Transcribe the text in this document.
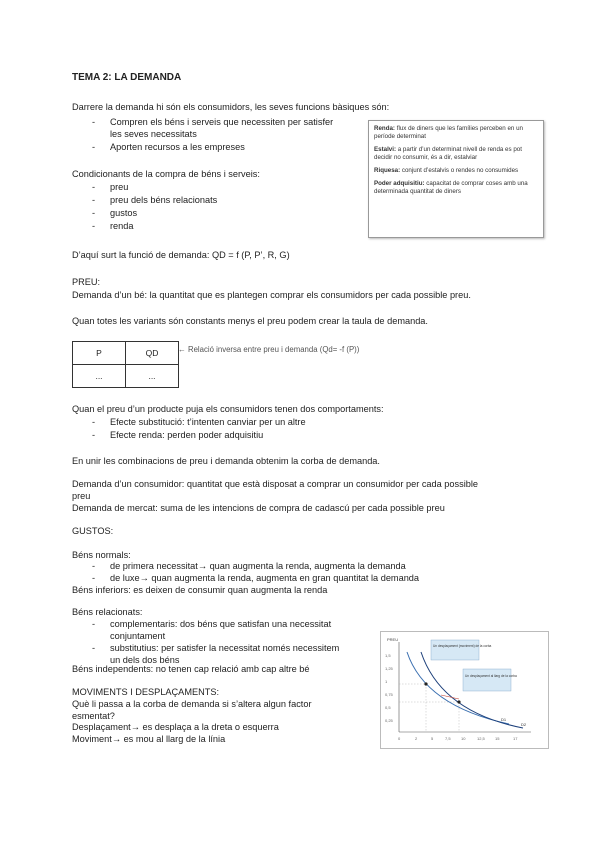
TEMA 2: LA DEMANDA
Darrere la demanda hi són els consumidors, les seves funcions bàsiques són:
- Compren els béns i serveis que necessiten per satisfer
les seves necessitats
- Aporten recursos a les empreses

Renda: flux de diners que les famílies perceben en un període determinat

Estalvi: a partir d’un determinat nivell de renda es pot decidir no consumir, és a dir, estalviar

Riquesa: conjunt d’estalvis o rendes no consumides

Poder adquisitiu: capacitat de comprar coses amb una determinada quantitat de diners

Condicionants de la compra de béns i serveis:
- preu
- preu dels béns relacionats
- gustos
- renda
D’aquí surt la funció de demanda: QD = f (P, P’, R, G)
PREU:
Demanda d’un bé: la quantitat que es plantegen comprar els consumidors per cada possible preu.
Quan totes les variants són constants menys el preu podem crear la taula de demanda.
P	QD
...	...
← Relació inversa entre preu i demanda (Qd= -f (P))
Quan el preu d’un producte puja els consumidors tenen dos comportaments:
- Efecte substitució: t’intenten canviar per un altre
- Efecte renda: perden poder adquisitiu
En unir les combinacions de preu i demanda obtenim la corba de demanda.
Demanda d’un consumidor: quantitat que està disposat a comprar un consumidor per cada possible
preu
Demanda de mercat: suma de les intencions de compra de cadascú per cada possible preu
GUSTOS:
Béns normals:
- de primera necessitat→ quan augmenta la renda, augmenta la demanda
- de luxe→ quan augmenta la renda, augmenta en gran quantitat la demanda
Béns inferiors: es deixen de consumir quan augmenta la renda
Béns relacionats:
- complementaris: dos béns que satisfan una necessitat
conjuntament
- substitutius: per satisfer la necessitat només necessitem
un dels dos béns
Béns independents: no tenen cap relació amb cap altre bé
MOVIMENTS I DESPLAÇAMENTS:
Què li passa a la corba de demanda si s’altera algun factor
esmentat?
Desplaçament→ es desplaça a la dreta o esquerra
Moviment→ es mou al llarg de la línia
PREU
1,5
1,25
1
0,75
0,5
0,25
0	2	5	7,5	10	12,5	15	17
Un desplaçament (moviment) de la corba
Un desplaçament al llarg de la corba
D1
D2
